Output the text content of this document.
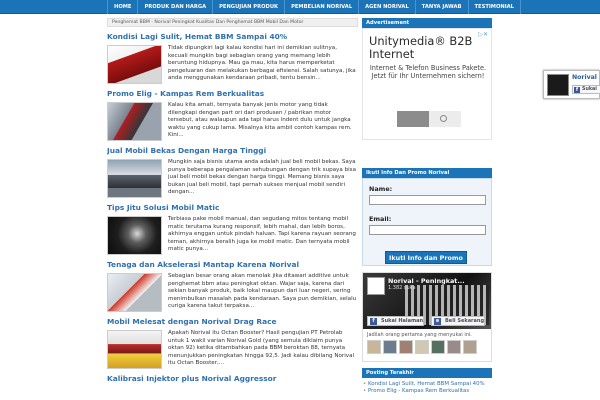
HOME	PRODUK DAN HARGA	PENGUJIAN PRODUK	PEMBELIAN NORIVAL	AGEN NORIVAL	TANYA JAWAB	TESTIMONIAL
Penghemat BBM - Norival Peningkat Kualitas Dan Penghemat BBM Mobil Dan Motor
Kondisi Lagi Sulit, Hemat BBM Sampai 40%
Tidak dipungkiri lagi kalau kondisi hari ini demikian sulitnya, kecuali mungkin bagi sebagian orang yang memang lebih beruntung hidupnya. Mau ga mau, kita harus memperketat pengeluaran dan melakukan berbagai efisiensi. Salah satunya, jika anda menggunakan kendaraan pribadi, tentu bensin...
Promo Elig - Kampas Rem Berkualitas
Kalau kita amati, ternyata banyak jenis motor yang tidak dilengkapi dengan part ori dari produsen / pabrikan motor tersebut, atau walaupun ada tapi harus indent dulu untuk jangka waktu yang cukup lama. Misalnya kita ambil contoh kampas rem. Kini...
Jual Mobil Bekas Dengan Harga Tinggi
Mungkin saja bisnis utama anda adalah jual beli mobil bekas. Saya punya beberapa pengalaman sehubungan dengan trik supaya bisa jual beli mobil bekas dengan harga tinggi. Memang bisnis saya bukan jual beli mobil, tapi pernah sukses menjual mobil sendiri dengan...
Tips Jitu Solusi Mobil Matic
Terbiasa pake mobil manual, dan segudang mitos tentang mobil matic terutama kurang responsif, lebih mahal, dan lebih boros, akhirnya enggan untuk pindah haluan. Tapi karena rayuan seorang teman, akhirnya beralih juga ke mobil matic. Dan ternyata mobil matic punya...
Tenaga dan Akselerasi Mantap Karena Norival
Sebagian besar orang akan menolak jika ditawari additive untuk penghemat bbm atau peningkat oktan. Wajar saja, karena dari sekian banyak produk, baik lokal maupun dari luar negeri, sering menimbulkan masalah pada kendaraan. Saya pun demikian, selalu curiga karena takut terpaksa...
Mobil Melesat dengan Norival Drag Race
Apakah Norival itu Octan Booster? Hasil pengujian PT Petrolab untuk 1 wakil varian Norival Gold (yang semula diklaim punya oktan 92) ketika ditambahkan pada BBM beroktan 88, ternyata menunjukkan peningkatan hingga 92,5. Jadi kalau dibilang Norival itu Octan Booster,...
Kalibrasi Injektor plus Norival Aggressor
Advertisement
▷✕
Unitymedia® B2B Internet
Internet & Telefon Business Pakete. Jetzt für Ihr Unternehmen sichern!
Ikuti Info Dan Promo Norival
Name:
Email:
Ikuti Info dan Promo
Norival - Peningkat...
1.382 suka
f	Sukai Halaman ⊕ Beli Sekarang
Jadilah orang pertama yang menyukai ini.
Posting Terakhir
• Kondisi Lagi Sulit, Hemat BBM Sampai 40%
• Promo Elig - Kampas Rem Berkualitas
Norival
f Sukai
